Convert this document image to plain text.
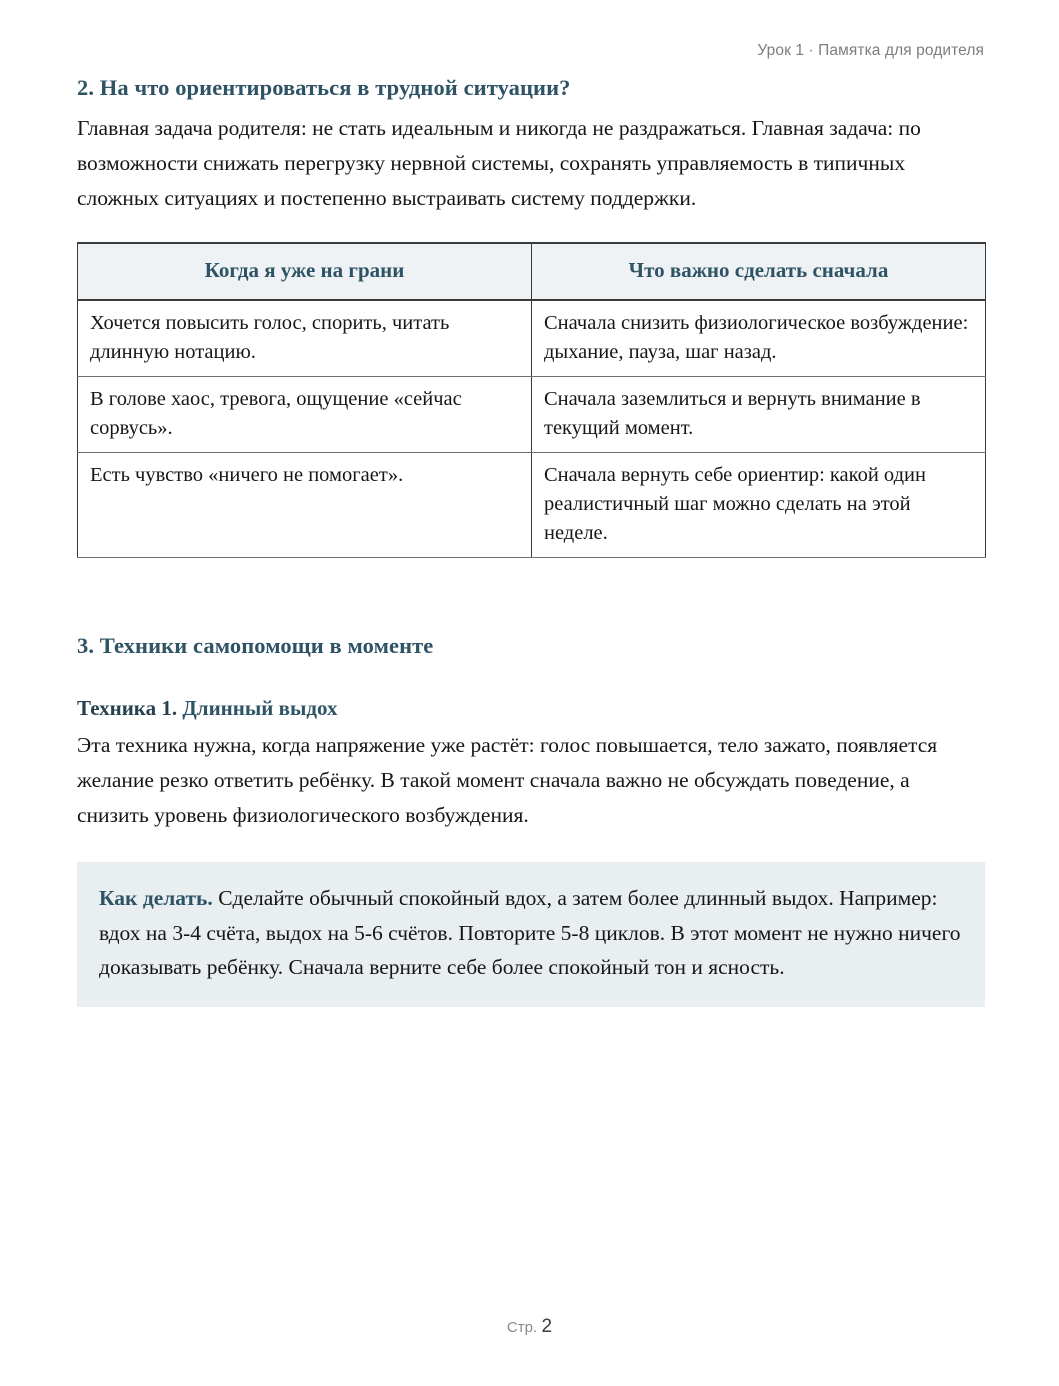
Урок 1 · Памятка для родителя
2. На что ориентироваться в трудной ситуации?

Главная задача родителя: не стать идеальным и никогда не раздражаться. Главная задача: по возможности снижать перегрузку нервной системы, сохранять управляемость в типичных сложных ситуациях и постепенно выстраивать систему поддержки.

Когда я уже на грани	Что важно сделать сначала
Хочется повысить голос, спорить, читать длинную нотацию.	Сначала снизить физиологическое возбуждение: дыхание, пауза, шаг назад.
В голове хаос, тревога, ощущение «сейчас сорвусь».	Сначала заземлиться и вернуть внимание в текущий момент.
Есть чувство «ничего не помогает».	Сначала вернуть себе ориентир: какой один реалистичный шаг можно сделать на этой неделе.
3. Техники самопомощи в моменте
Техника 1. Длинный выдох

Эта техника нужна, когда напряжение уже растёт: голос повышается, тело зажато, появляется желание резко ответить ребёнку. В такой момент сначала важно не обсуждать поведение, а снизить уровень физиологического возбуждения.

Как делать. Сделайте обычный спокойный вдох, а затем более длинный выдох. Например: вдох на 3-4 счёта, выдох на 5-6 счётов. Повторите 5-8 циклов. В этот момент не нужно ничего доказывать ребёнку. Сначала верните себе более спокойный тон и ясность.

Стр. 2
